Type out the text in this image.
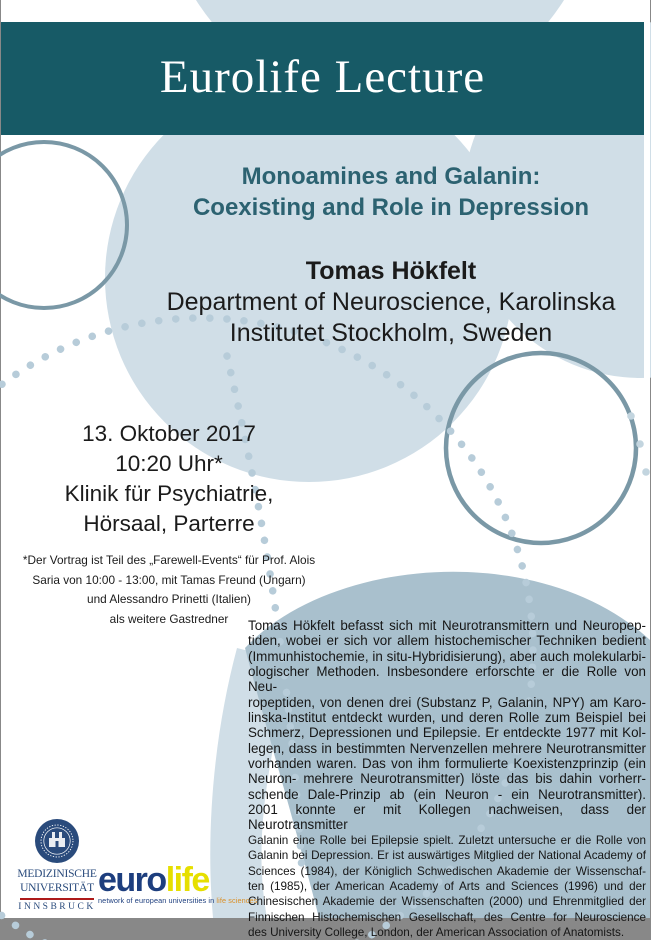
Eurolife Lecture
Monoamines and Galanin:
Coexisting and Role in Depression
Tomas Hökfelt
Department of Neuroscience, Karolinska
Institutet Stockholm, Sweden
13. Oktober 2017
10:20 Uhr*
Klinik für Psychiatrie,
Hörsaal, Parterre
*Der Vortrag ist Teil des „Farewell-Events“ für Prof. Alois
Saria von 10:00 - 13:00, mit Tamas Freund (Ungarn)
und Alessandro Prinetti (Italien)
als weitere Gastredner	Tomas Hökfelt befasst sich mit Neurotransmittern und Neuropep-
tiden, wobei er sich vor allem histochemischer Techniken bedient
(Immunhistochemie, in situ-Hybridisierung), aber auch molekularbi-
ologischer Methoden. Insbesondere erforschte er die Rolle von Neu-
ropeptiden, von denen drei (Substanz P, Galanin, NPY) am Karo-
linska-Institut entdeckt wurden, und deren Rolle zum Beispiel bei
Schmerz, Depressionen und Epilepsie. Er entdeckte 1977 mit Kol-
legen, dass in bestimmten Nervenzellen mehrere Neurotransmitter
vorhanden waren. Das von ihm formulierte Koexistenzprinzip (ein
Neuron- mehrere Neurotransmitter) löste das bis dahin vorherr-
schende Dale-Prinzip ab (ein Neuron - ein Neurotransmitter).
2001 konnte er mit Kollegen nachweisen, dass der Neurotransmitter
Galanin eine Rolle bei Epilepsie spielt. Zuletzt untersuche er die Rolle von
Galanin bei Depression. Er ist auswärtiges Mitglied der National Academy of
Sciences (1984), der Königlich Schwedischen Akademie der Wissenschaf-
ten (1985), der American Academy of Arts and Sciences (1996) und der
Chinesischen Akademie der Wissenschaften (2000) und Ehrenmitglied der
Finnischen Histochemischen Gesellschaft, des Centre for Neuroscience
des University College, London, der American Association of Anatomists.
MEDIZINISCHE
UNIVERSITÄT
INNSBRUCK
eurolife
network of european universities in life sciences
